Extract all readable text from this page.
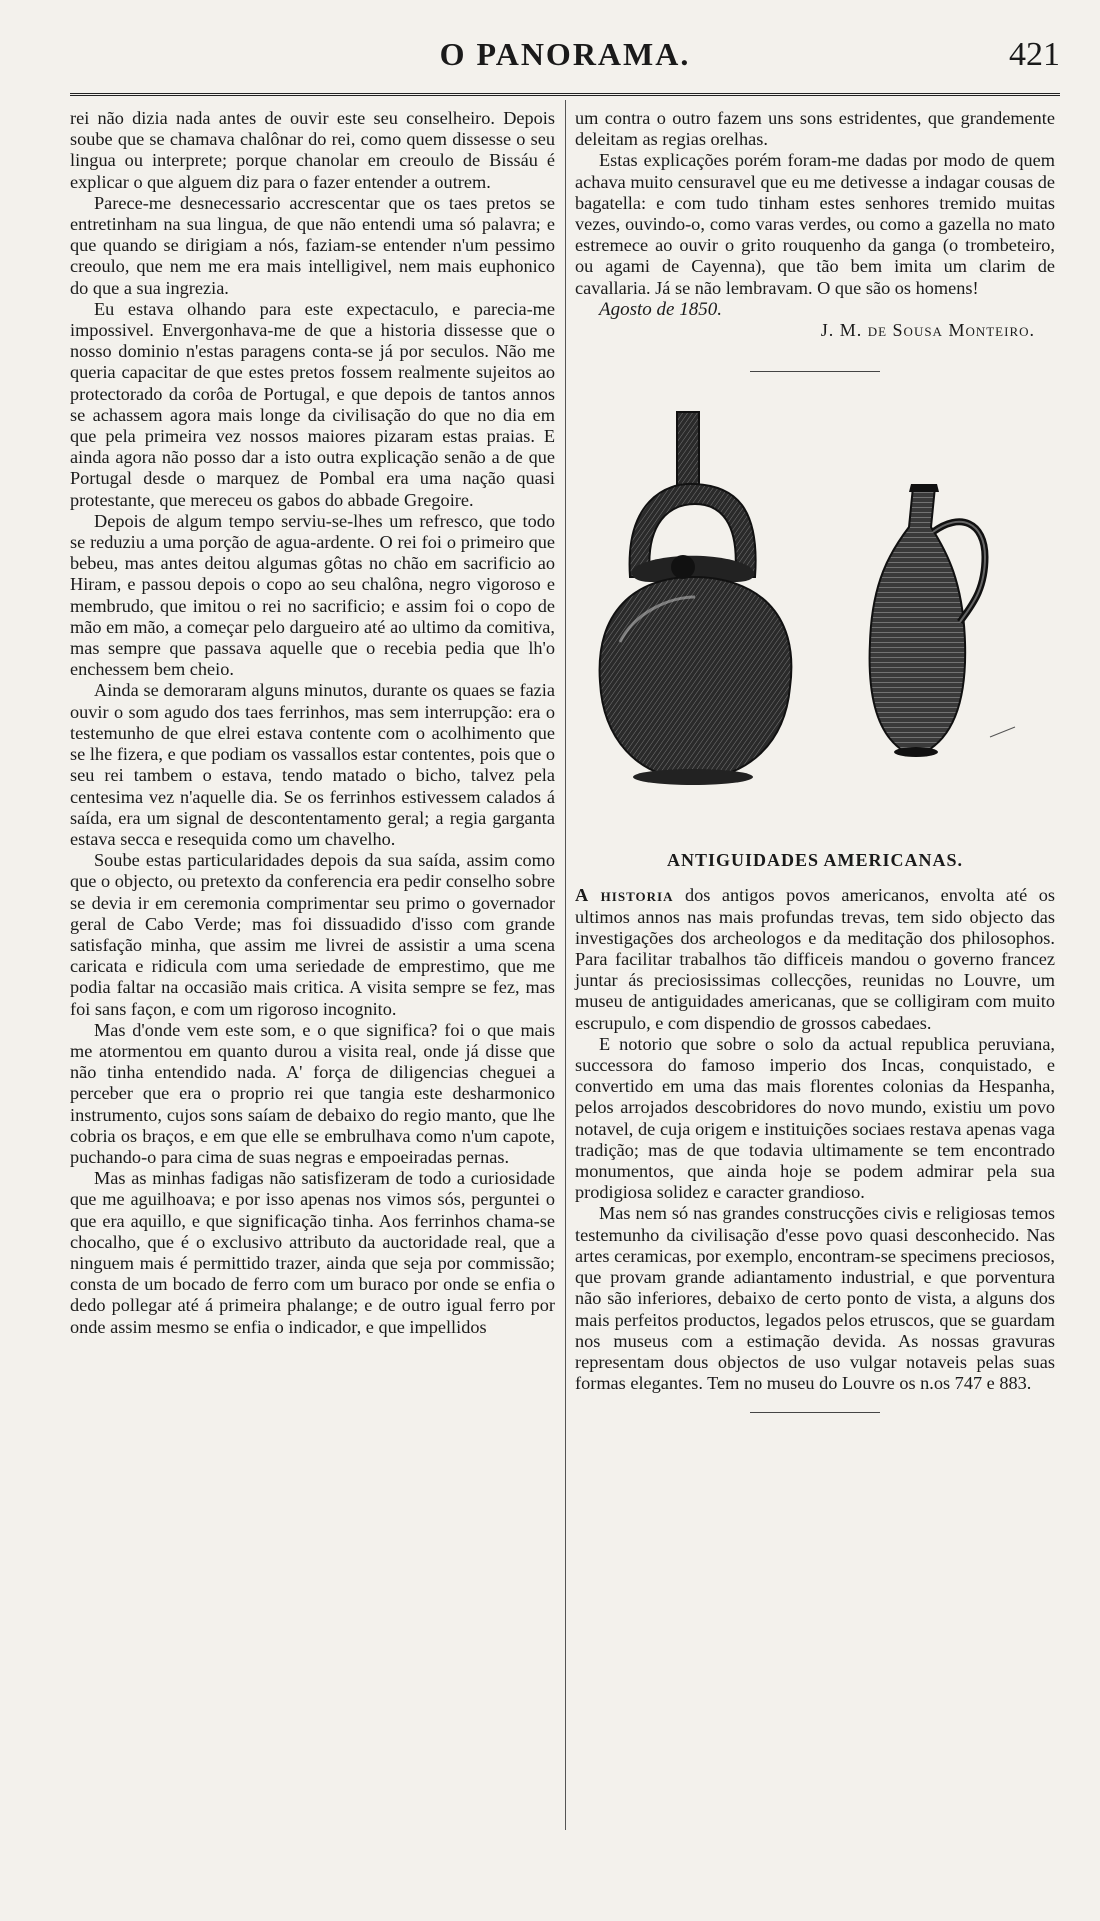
O PANORAMA.	421

rei não dizia nada antes de ouvir este seu conselheiro. Depois soube que se chamava chalônar do rei, como quem dissesse o seu lingua ou interprete; porque chanolar em creoulo de Bissáu é explicar o que alguem diz para o fazer entender a outrem.

Parece-me desnecessario accrescentar que os taes pretos se entretinham na sua lingua, de que não entendi uma só palavra; e que quando se dirigiam a nós, faziam-se entender n'um pessimo creoulo, que nem me era mais intelligivel, nem mais euphonico do que a sua ingrezia.

Eu estava olhando para este expectaculo, e parecia-me impossivel. Envergonhava-me de que a historia dissesse que o nosso dominio n'estas paragens conta-se já por seculos. Não me queria capacitar de que estes pretos fossem realmente sujeitos ao protectorado da corôa de Portugal, e que depois de tantos annos se achassem agora mais longe da civilisação do que no dia em que pela primeira vez nossos maiores pizaram estas praias. E ainda agora não posso dar a isto outra explicação senão a de que Portugal desde o marquez de Pombal era uma nação quasi protestante, que mereceu os gabos do abbade Gregoire.

Depois de algum tempo serviu-se-lhes um refresco, que todo se reduziu a uma porção de agua-ardente. O rei foi o primeiro que bebeu, mas antes deitou algumas gôtas no chão em sacrificio ao Hiram, e passou depois o copo ao seu chalôna, negro vigoroso e membrudo, que imitou o rei no sacrificio; e assim foi o copo de mão em mão, a começar pelo dargueiro até ao ultimo da comitiva, mas sempre que passava aquelle que o recebia pedia que lh'o enchessem bem cheio.

Ainda se demoraram alguns minutos, durante os quaes se fazia ouvir o som agudo dos taes ferrinhos, mas sem interrupção: era o testemunho de que elrei estava contente com o acolhimento que se lhe fizera, e que podiam os vassallos estar contentes, pois que o seu rei tambem o estava, tendo matado o bicho, talvez pela centesima vez n'aquelle dia. Se os ferrinhos estivessem calados á saída, era um signal de descontentamento geral; a regia garganta estava secca e resequida como um chavelho.

Soube estas particularidades depois da sua saída, assim como que o objecto, ou pretexto da conferencia era pedir conselho sobre se devia ir em ceremonia comprimentar seu primo o governador geral de Cabo Verde; mas foi dissuadido d'isso com grande satisfação minha, que assim me livrei de assistir a uma scena caricata e ridicula com uma seriedade de emprestimo, que me podia faltar na occasião mais critica. A visita sempre se fez, mas foi sans façon, e com um rigoroso incognito.

Mas d'onde vem este som, e o que significa? foi o que mais me atormentou em quanto durou a visita real, onde já disse que não tinha entendido nada. A' força de diligencias cheguei a perceber que era o proprio rei que tangia este desharmonico instrumento, cujos sons saíam de debaixo do regio manto, que lhe cobria os braços, e em que elle se embrulhava como n'um capote, puchando-o para cima de suas negras e empoeiradas pernas.

Mas as minhas fadigas não satisfizeram de todo a curiosidade que me aguilhoava; e por isso apenas nos vimos sós, perguntei o que era aquillo, e que significação tinha. Aos ferrinhos chama-se chocalho, que é o exclusivo attributo da auctoridade real, que a ninguem mais é permittido trazer, ainda que seja por commissão; consta de um bocado de ferro com um buraco por onde se enfia o dedo pollegar até á primeira phalange; e de outro igual ferro por onde assim mesmo se enfia o indicador, e que impellidos

um contra o outro fazem uns sons estridentes, que grandemente deleitam as regias orelhas.

Estas explicações porém foram-me dadas por modo de quem achava muito censuravel que eu me detivesse a indagar cousas de bagatella: e com tudo tinham estes senhores tremido muitas vezes, ouvindo-o, como varas verdes, ou como a gazella no mato estremece ao ouvir o grito rouquenho da ganga (o trombeteiro, ou agami de Cayenna), que tão bem imita um clarim de cavallaria. Já se não lembravam. O que são os homens!

Agosto de 1850.

J. M. de Sousa Monteiro.

ANTIGUIDADES AMERICANAS.

A historia dos antigos povos americanos, envolta até os ultimos annos nas mais profundas trevas, tem sido objecto das investigações dos archeologos e da meditação dos philosophos. Para facilitar trabalhos tão difficeis mandou o governo francez juntar ás preciosissimas collecções, reunidas no Louvre, um museu de antiguidades americanas, que se colligiram com muito escrupulo, e com dispendio de grossos cabedaes.

E notorio que sobre o solo da actual republica peruviana, successora do famoso imperio dos Incas, conquistado, e convertido em uma das mais florentes colonias da Hespanha, pelos arrojados descobridores do novo mundo, existiu um povo notavel, de cuja origem e instituições sociaes restava apenas vaga tradição; mas de que todavia ultimamente se tem encontrado monumentos, que ainda hoje se podem admirar pela sua prodigiosa solidez e caracter grandioso.

Mas nem só nas grandes construcções civis e religiosas temos testemunho da civilisação d'esse povo quasi desconhecido. Nas artes ceramicas, por exemplo, encontram-se specimens preciosos, que provam grande adiantamento industrial, e que porventura não são inferiores, debaixo de certo ponto de vista, a alguns dos mais perfeitos productos, legados pelos etruscos, que se guardam nos museus com a estimação devida. As nossas gravuras representam dous objectos de uso vulgar notaveis pelas suas formas elegantes. Tem no museu do Louvre os n.os 747 e 883.
